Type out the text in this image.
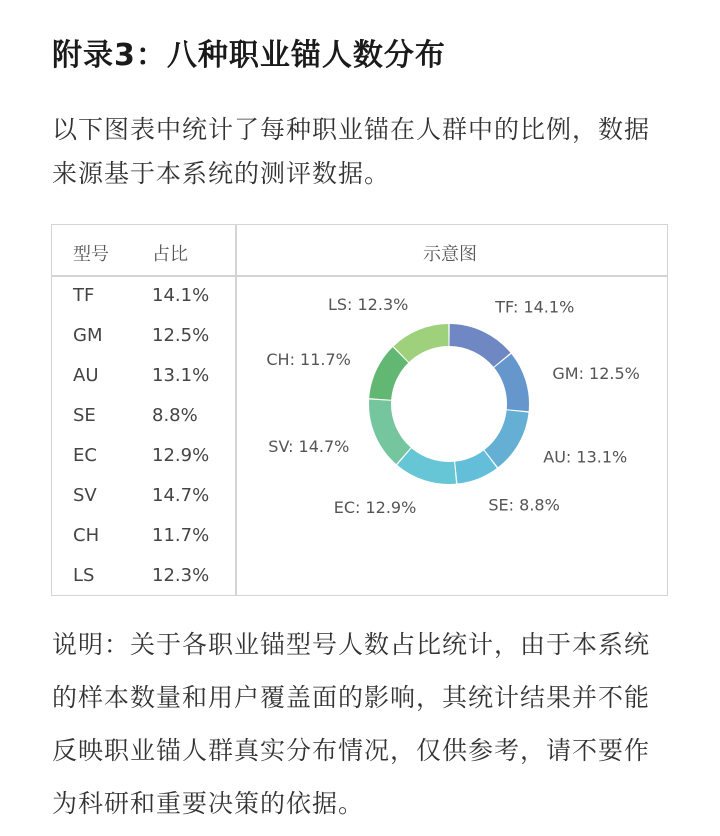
附录3：八种职业锚人数分布

以下图表中统计了每种职业锚在人群中的比例，数据来源基于本系统的测评数据。

型号 占比	示意图
TF	14.1%
GM	12.5%
AU	13.1%
SE	8.8%
EC	12.9%
SV	14.7%
CH	11.7%
LS	12.3%
TF: 14.1%
GM: 12.5%
AU: 13.1%
SE: 8.8%
EC: 12.9%
SV: 14.7%
CH: 11.7%
LS: 12.3%

说明：关于各职业锚型号人数占比统计，由于本系统的样本数量和用户覆盖面的影响，其统计结果并不能反映职业锚人群真实分布情况，仅供参考，请不要作为科研和重要决策的依据。
